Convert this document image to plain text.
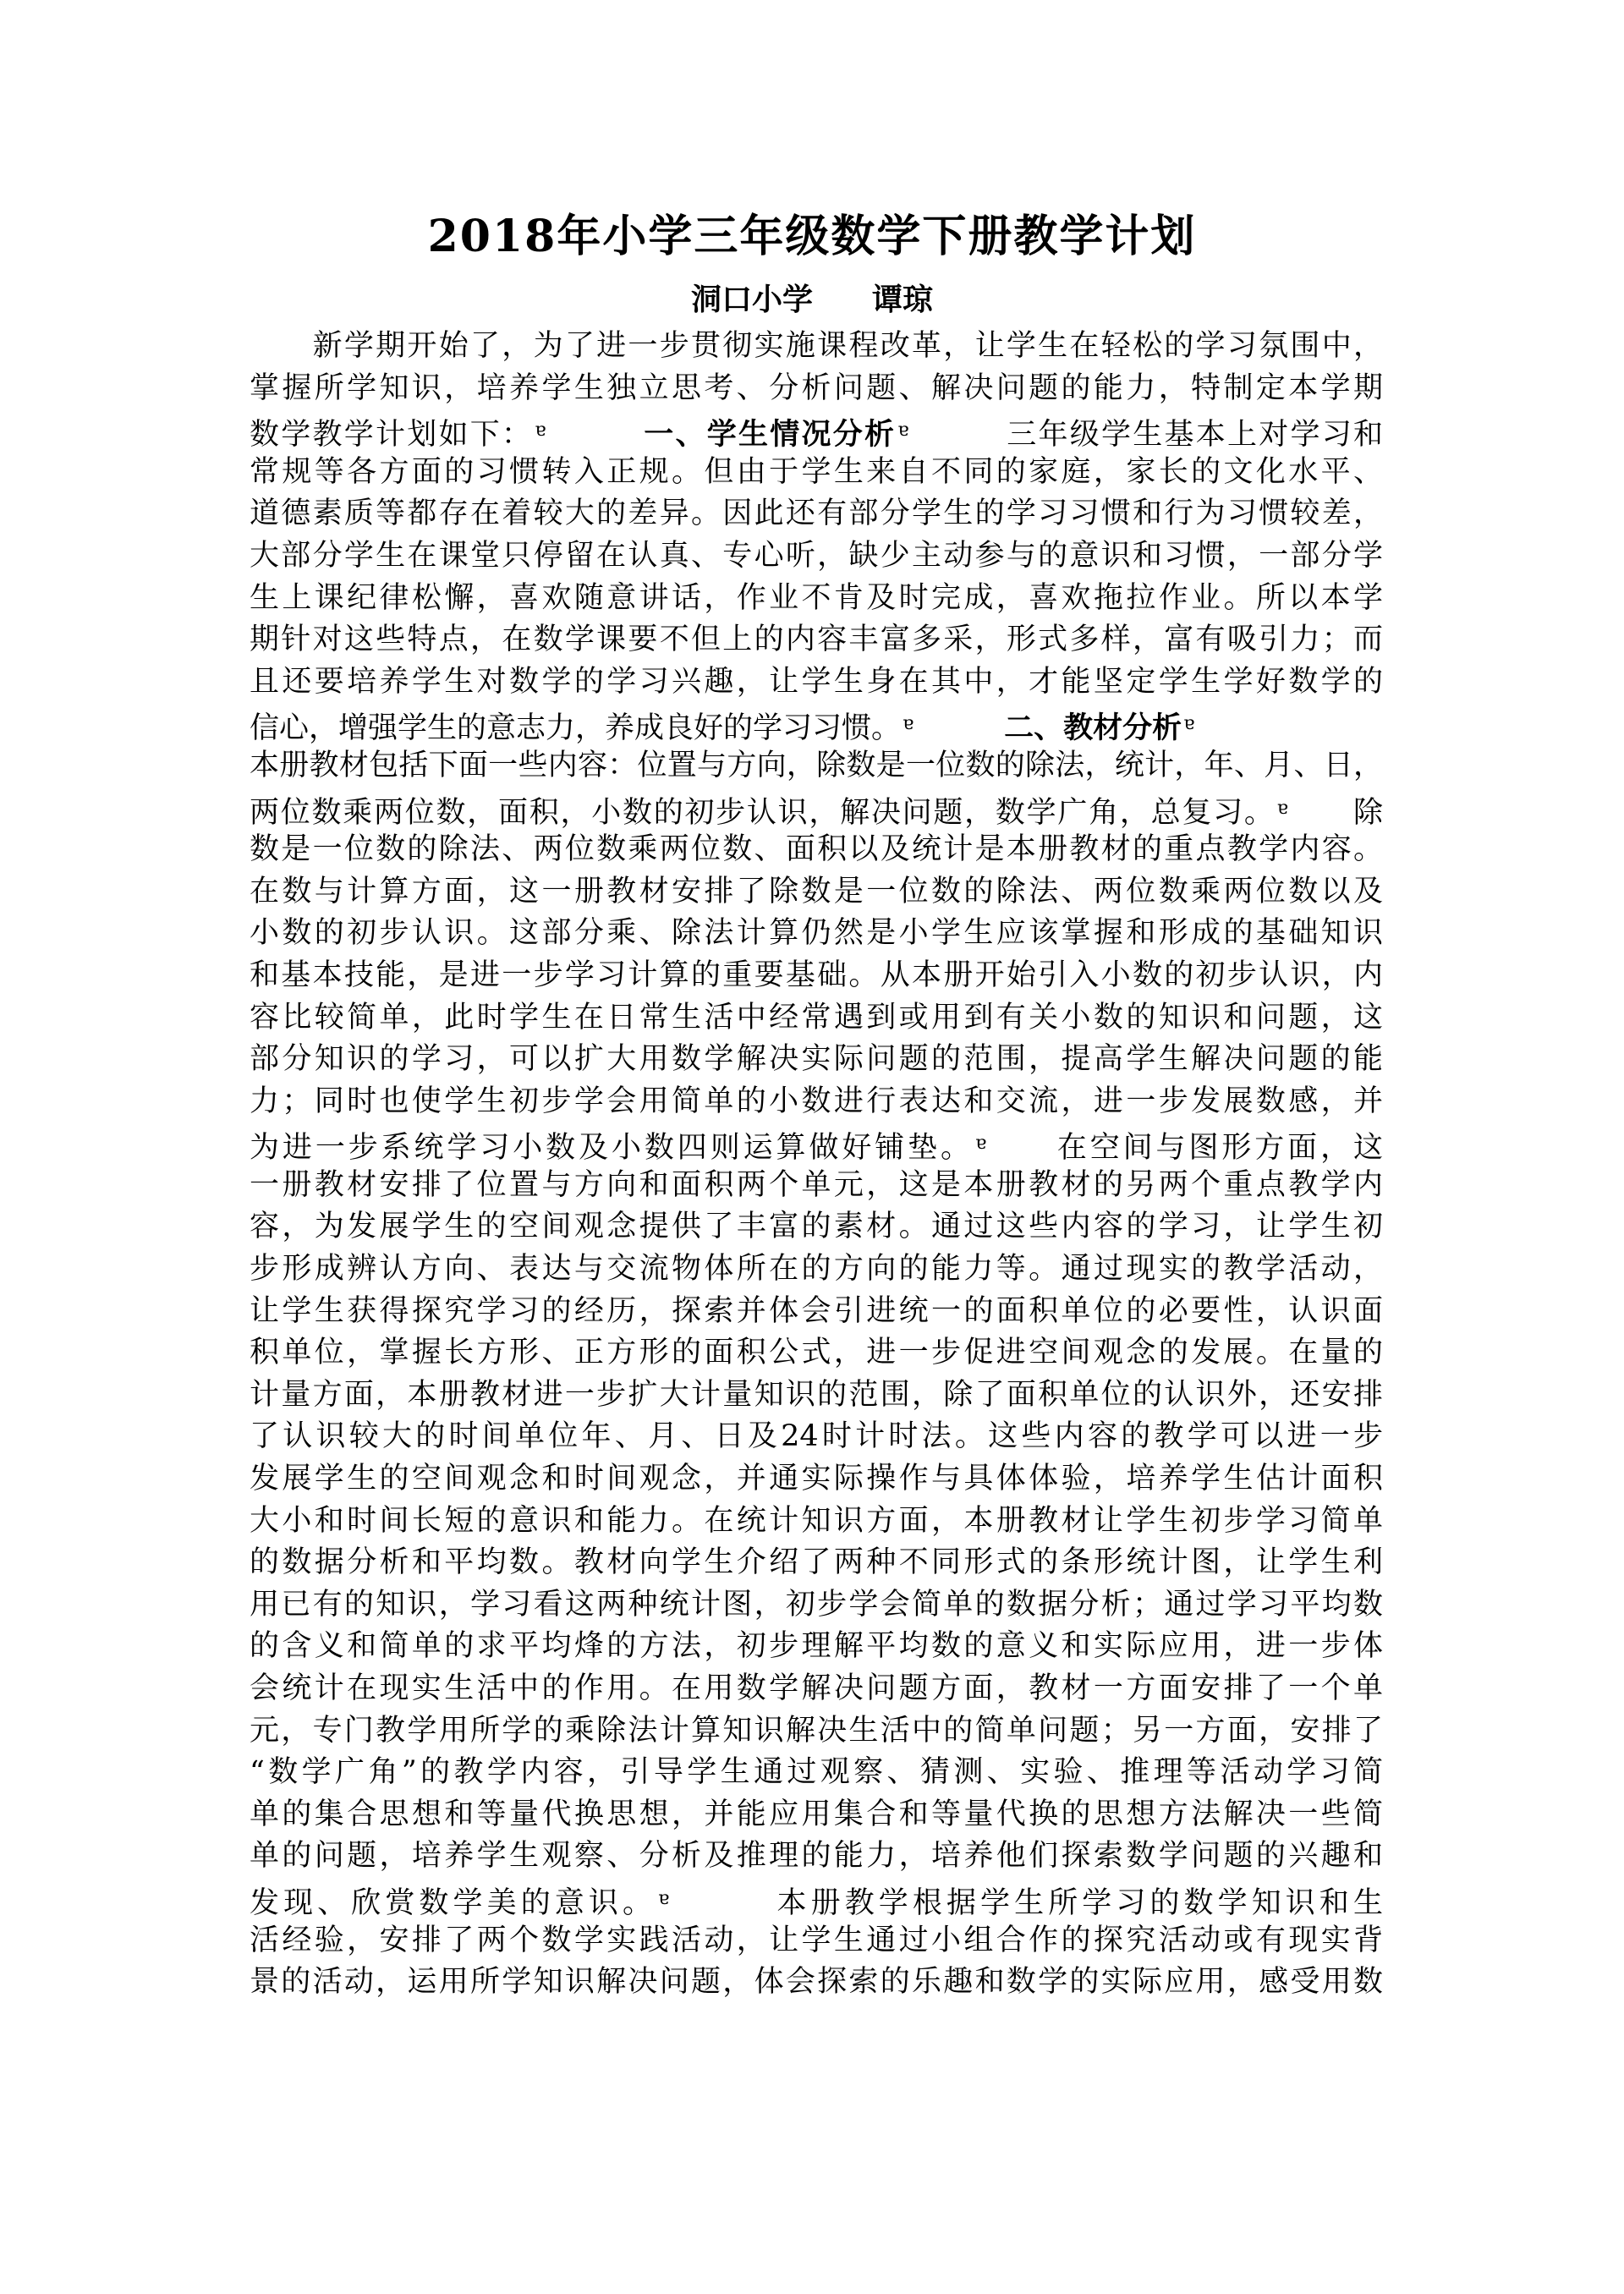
2018年小学三年级数学下册教学计划
洞口小学 谭琼
　　新学期开始了，为了进一步贯彻实施课程改革，让学生在轻松的学习氛围中，
掌握所学知识，培养学生独立思考、分析问题、解决问题的能力，特制定本学期
数学教学计划如下：ɐ　　　	一、学生情况分析ɐ　　　三年级学生基本上对学习和
常规等各方面的习惯转入正规。但由于学生来自不同的家庭，家长的文化水平、
道德素质等都存在着较大的差异。因此还有部分学生的学习习惯和行为习惯较差，
大部分学生在课堂只停留在认真、专心听，缺少主动参与的意识和习惯，一部分学
生上课纪律松懈，喜欢随意讲话，作业不肯及时完成，喜欢拖拉作业。所以本学
期针对这些特点，在数学课要不但上的内容丰富多采，形式多样，富有吸引力；而
且还要培养学生对数学的学习兴趣，让学生身在其中，才能坚定学生学好数学的
信心，增强学生的意志力，养成良好的学习习惯。ɐ　　　	二、教材分析ɐ
本册教材包括下面一些内容：位置与方向，除数是一位数的除法，统计，年、月、日，
两位数乘两位数，面积，小数的初步认识，解决问题，数学广角，总复习。ɐ　　除
数是一位数的除法、两位数乘两位数、面积以及统计是本册教材的重点教学内容。
在数与计算方面，这一册教材安排了除数是一位数的除法、两位数乘两位数以及
小数的初步认识。这部分乘、除法计算仍然是小学生应该掌握和形成的基础知识
和基本技能，是进一步学习计算的重要基础。从本册开始引入小数的初步认识，内
容比较简单，此时学生在日常生活中经常遇到或用到有关小数的知识和问题，这
部分知识的学习，可以扩大用数学解决实际问题的范围，提高学生解决问题的能
力；同时也使学生初步学会用简单的小数进行表达和交流，进一步发展数感，并
为进一步系统学习小数及小数四则运算做好铺垫。ɐ　　在空间与图形方面，这
一册教材安排了位置与方向和面积两个单元，这是本册教材的另两个重点教学内
容，为发展学生的空间观念提供了丰富的素材。通过这些内容的学习，让学生初
步形成辨认方向、表达与交流物体所在的方向的能力等。通过现实的教学活动，
让学生获得探究学习的经历，探索并体会引进统一的面积单位的必要性，认识面
积单位，掌握长方形、正方形的面积公式，进一步促进空间观念的发展。在量的
计量方面，本册教材进一步扩大计量知识的范围，除了面积单位的认识外，还安排
了认识较大的时间单位年、月、日及24时计时法。这些内容的教学可以进一步
发展学生的空间观念和时间观念，并通实际操作与具体体验，培养学生估计面积
大小和时间长短的意识和能力。在统计知识方面，本册教材让学生初步学习简单
的数据分析和平均数。教材向学生介绍了两种不同形式的条形统计图，让学生利
用已有的知识，学习看这两种统计图，初步学会简单的数据分析；通过学习平均数
的含义和简单的求平均烽的方法，初步理解平均数的意义和实际应用，进一步体
会统计在现实生活中的作用。在用数学解决问题方面，教材一方面安排了一个单
元，专门教学用所学的乘除法计算知识解决生活中的简单问题；另一方面，安排了
“数学广角”的教学内容，引导学生通过观察、猜测、实验、推理等活动学习简
单的集合思想和等量代换思想，并能应用集合和等量代换的思想方法解决一些简
单的问题，培养学生观察、分析及推理的能力，培养他们探索数学问题的兴趣和
发现、欣赏数学美的意识。ɐ　　　本册教学根据学生所学习的数学知识和生
活经验，安排了两个数学实践活动，让学生通过小组合作的探究活动或有现实背
景的活动，运用所学知识解决问题，体会探索的乐趣和数学的实际应用，感受用数
